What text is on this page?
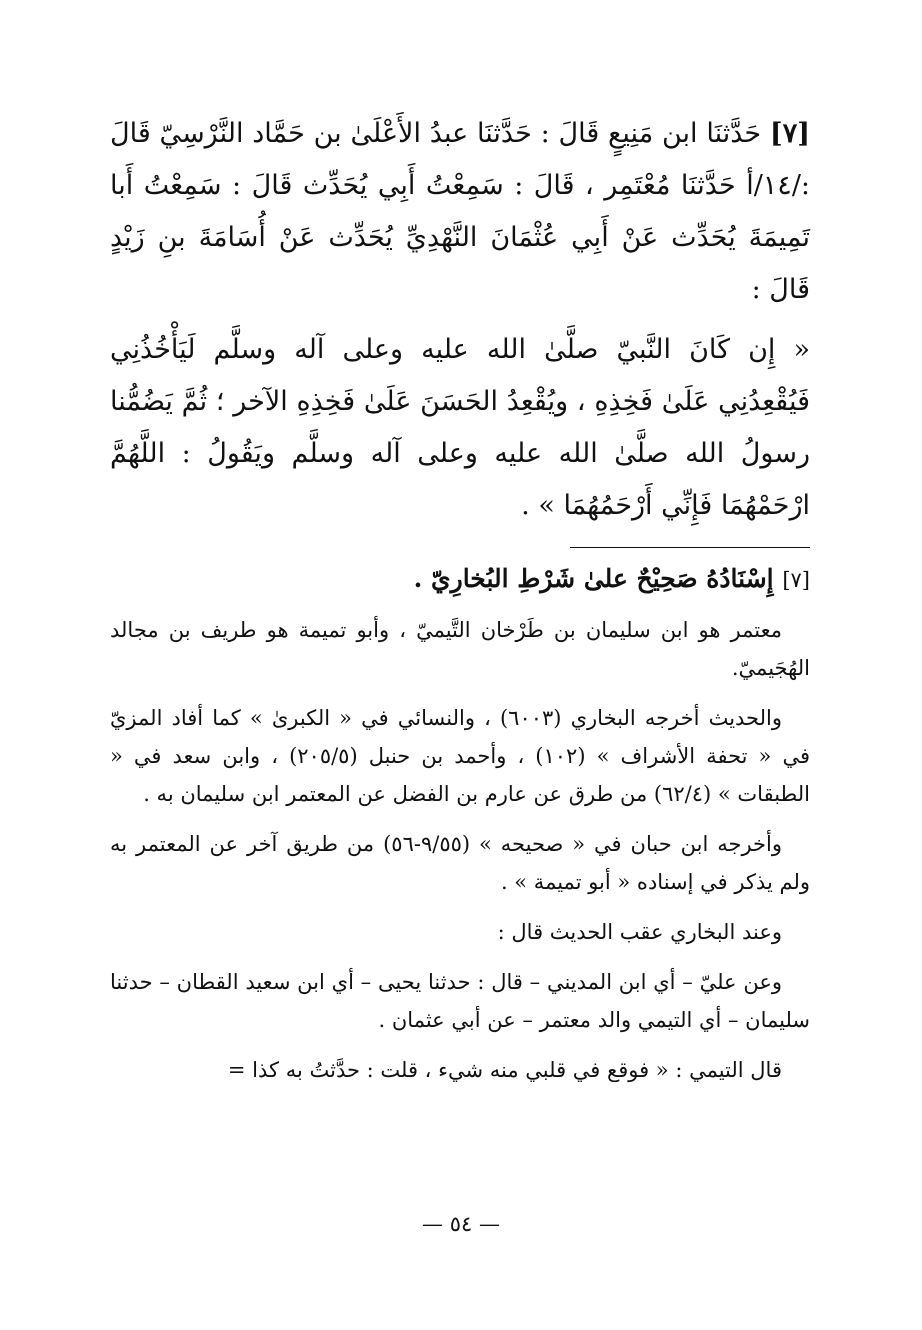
[٧] حَدَّثنَا ابن مَنِيعٍ قَالَ : حَدَّثنَا عبدُ الأَعْلَىٰ بن حَمَّاد النَّرْسِيّ قَالَ :/١٤/أ حَدَّثنَا مُعْتَمِر ، قَالَ : سَمِعْتُ أَبِي يُحَدِّث قَالَ : سَمِعْتُ أَبا تَمِيمَةَ يُحَدِّث عَنْ أَبِي عُثْمَانَ النَّهْدِيِّ يُحَدِّث عَنْ أُسَامَةَ بنِ زَيْدٍ قَالَ :

« إِن كَانَ النَّبيّ صلَّىٰ الله عليه وعلى آله وسلَّم لَيَأْخُذُنِي فَيُقْعِدُنِي عَلَىٰ فَخِذِهِ ، ويُقْعِدُ الحَسَنَ عَلَىٰ فَخِذِهِ الآخر ؛ ثُمَّ يَضُمُّنا رسولُ الله صلَّىٰ الله عليه وعلى آله وسلَّم ويَقُولُ : اللَّهُمَّ ارْحَمْهُمَا فَإِنِّي أَرْحَمُهُمَا » .

[٧] إِسْنَادُهُ صَحِيْحٌ علىٰ شَرْطِ البُخارِيّ .

معتمر هو ابن سليمان بن طَرْخان التَّيميّ ، وأبو تميمة هو طريف بن مجالد الهُجَيميّ.

والحديث أخرجه البخاري (٦٠٠٣) ، والنسائي في « الكبرىٰ » كما أفاد المزيّ في « تحفة الأشراف » (١٠٢) ، وأحمد بن حنبل (٢٠٥/٥) ، وابن سعد في « الطبقات » (٦٢/٤) من طرق عن عارم بن الفضل عن المعتمر ابن سليمان به .

وأخرجه ابن حبان في « صحيحه » (٩/٥٥-٥٦) من طريق آخر عن المعتمر به ولم يذكر في إسناده « أبو تميمة » .

وعند البخاري عقب الحديث قال :

وعن عليّ – أي ابن المديني – قال : حدثنا يحيى – أي ابن سعيد القطان – حدثنا سليمان – أي التيمي والد معتمر – عن أبي عثمان .

قال التيمي : « فوقع في قلبي منه شيء ، قلت : حدَّثتُ به كذا =

— ٥٤ —
